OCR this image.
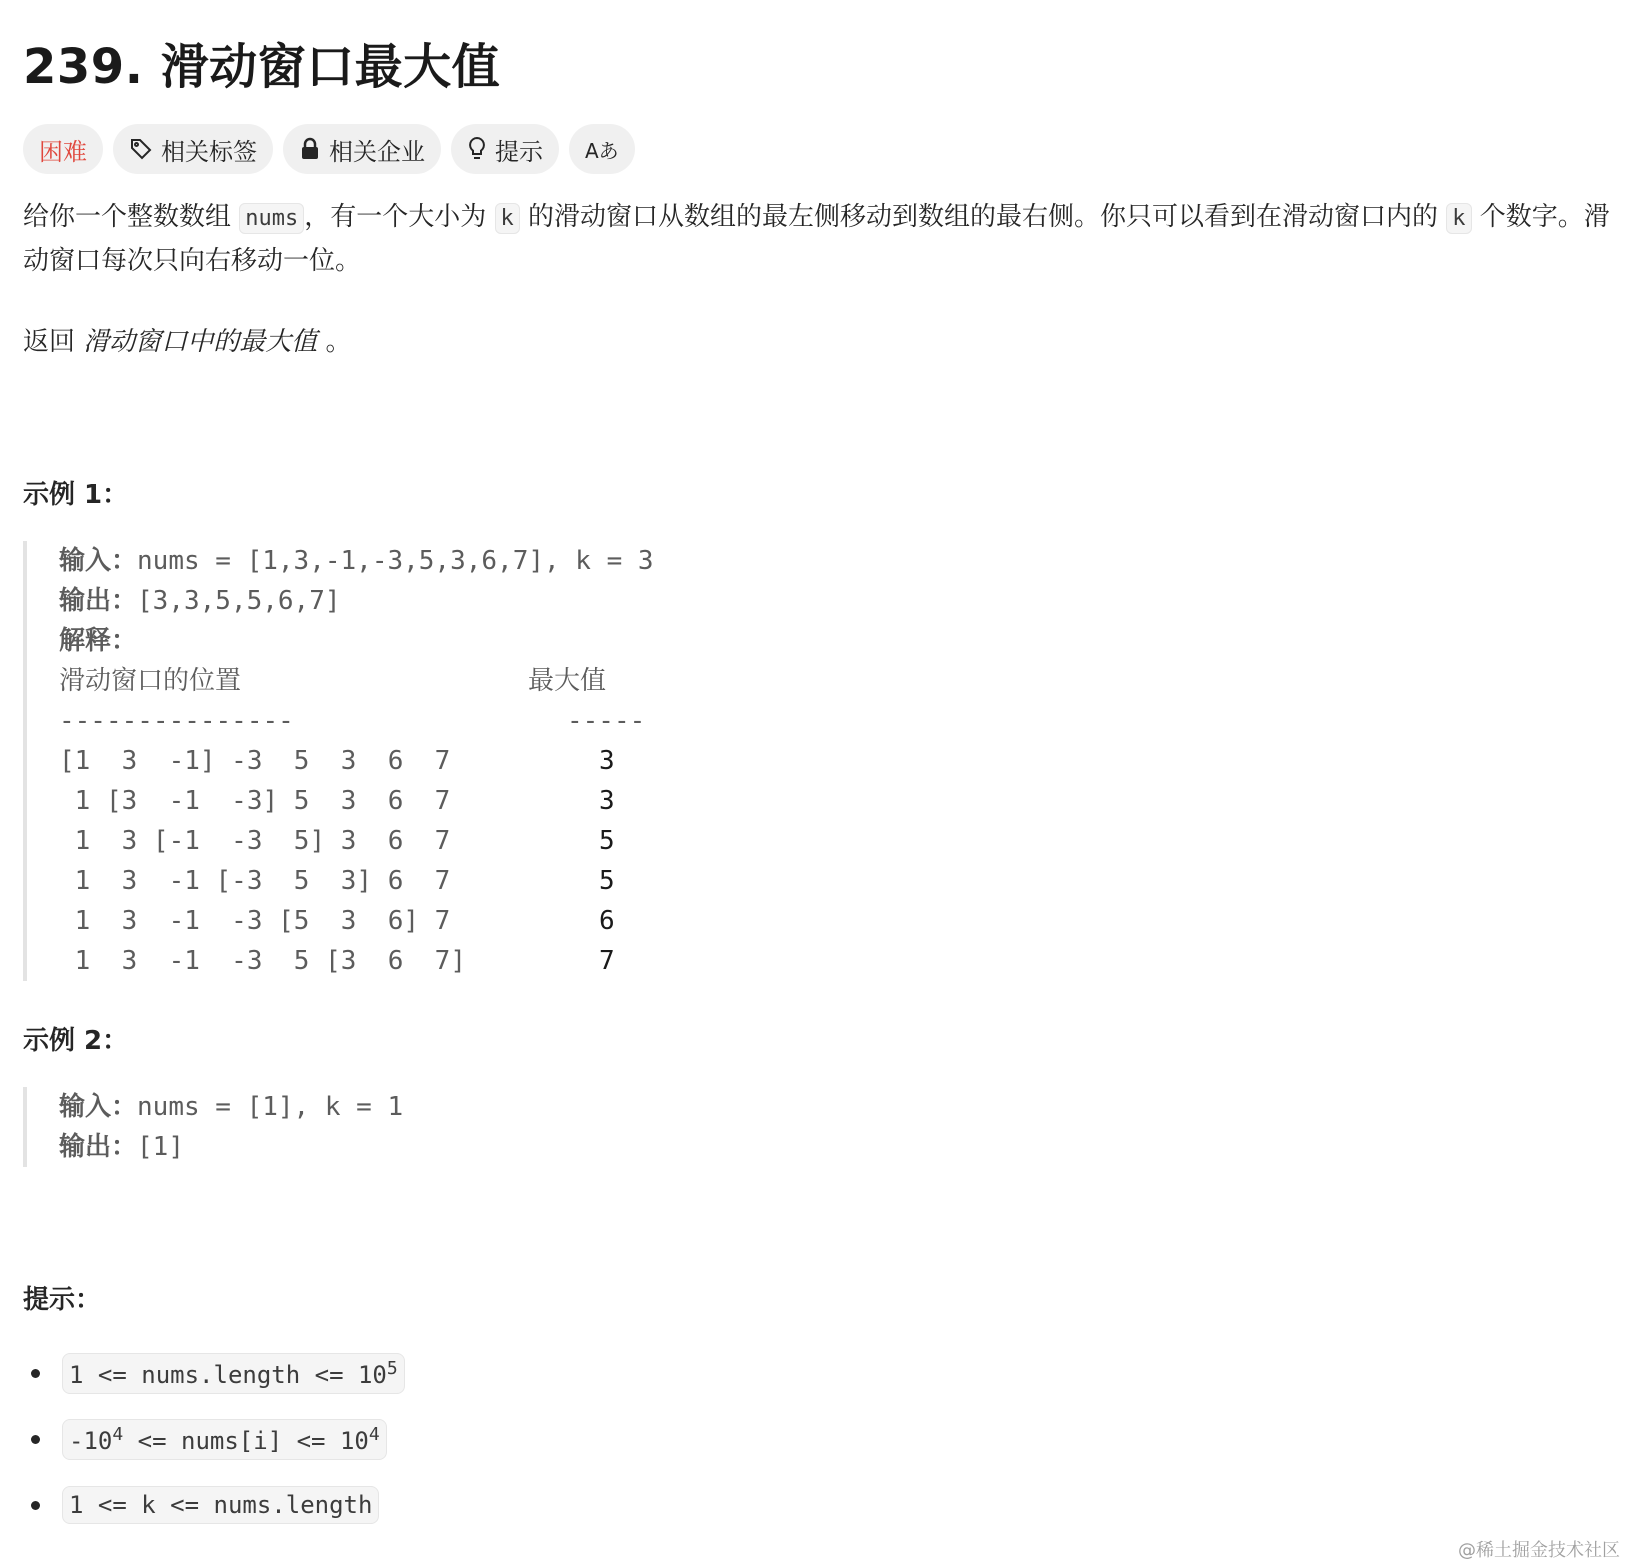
239. 滑动窗口最大值
困难	相关标签	相关企业	提示 Aあ
给你一个整数数组 nums ，有一个大小为 k 的滑动窗口从数组的最左侧移动到数组的最右侧。你只可以看到在滑动窗口内的 k 个数字。滑动窗口每次只向右移动一位。
返回 滑动窗口中的最大值 。
示例 1：
输入：nums = [1,3,-1,-3,5,3,6,7], k = 3
输出：[3,3,5,5,6,7]
解释：
滑动窗口的位置	最大值
---------------	-----
[1  3  -1] -3  5  3  6  7	3
1 [3  -1  -3] 5  3  6  7	3
1  3 [-1  -3  5] 3  6  7	5
1  3  -1 [-3  5  3] 6  7	5
1  3  -1  -3 [5  3  6] 7	6
1  3  -1  -3  5 [3  6  7]	7
示例 2：
输入：nums = [1], k = 1
输出：[1]
提示：
1 <= nums.length <= $10^5$
$-10^4$ <= nums[i] <= $10^4$
1 <= k <= nums.length
@稀土掘金技术社区
